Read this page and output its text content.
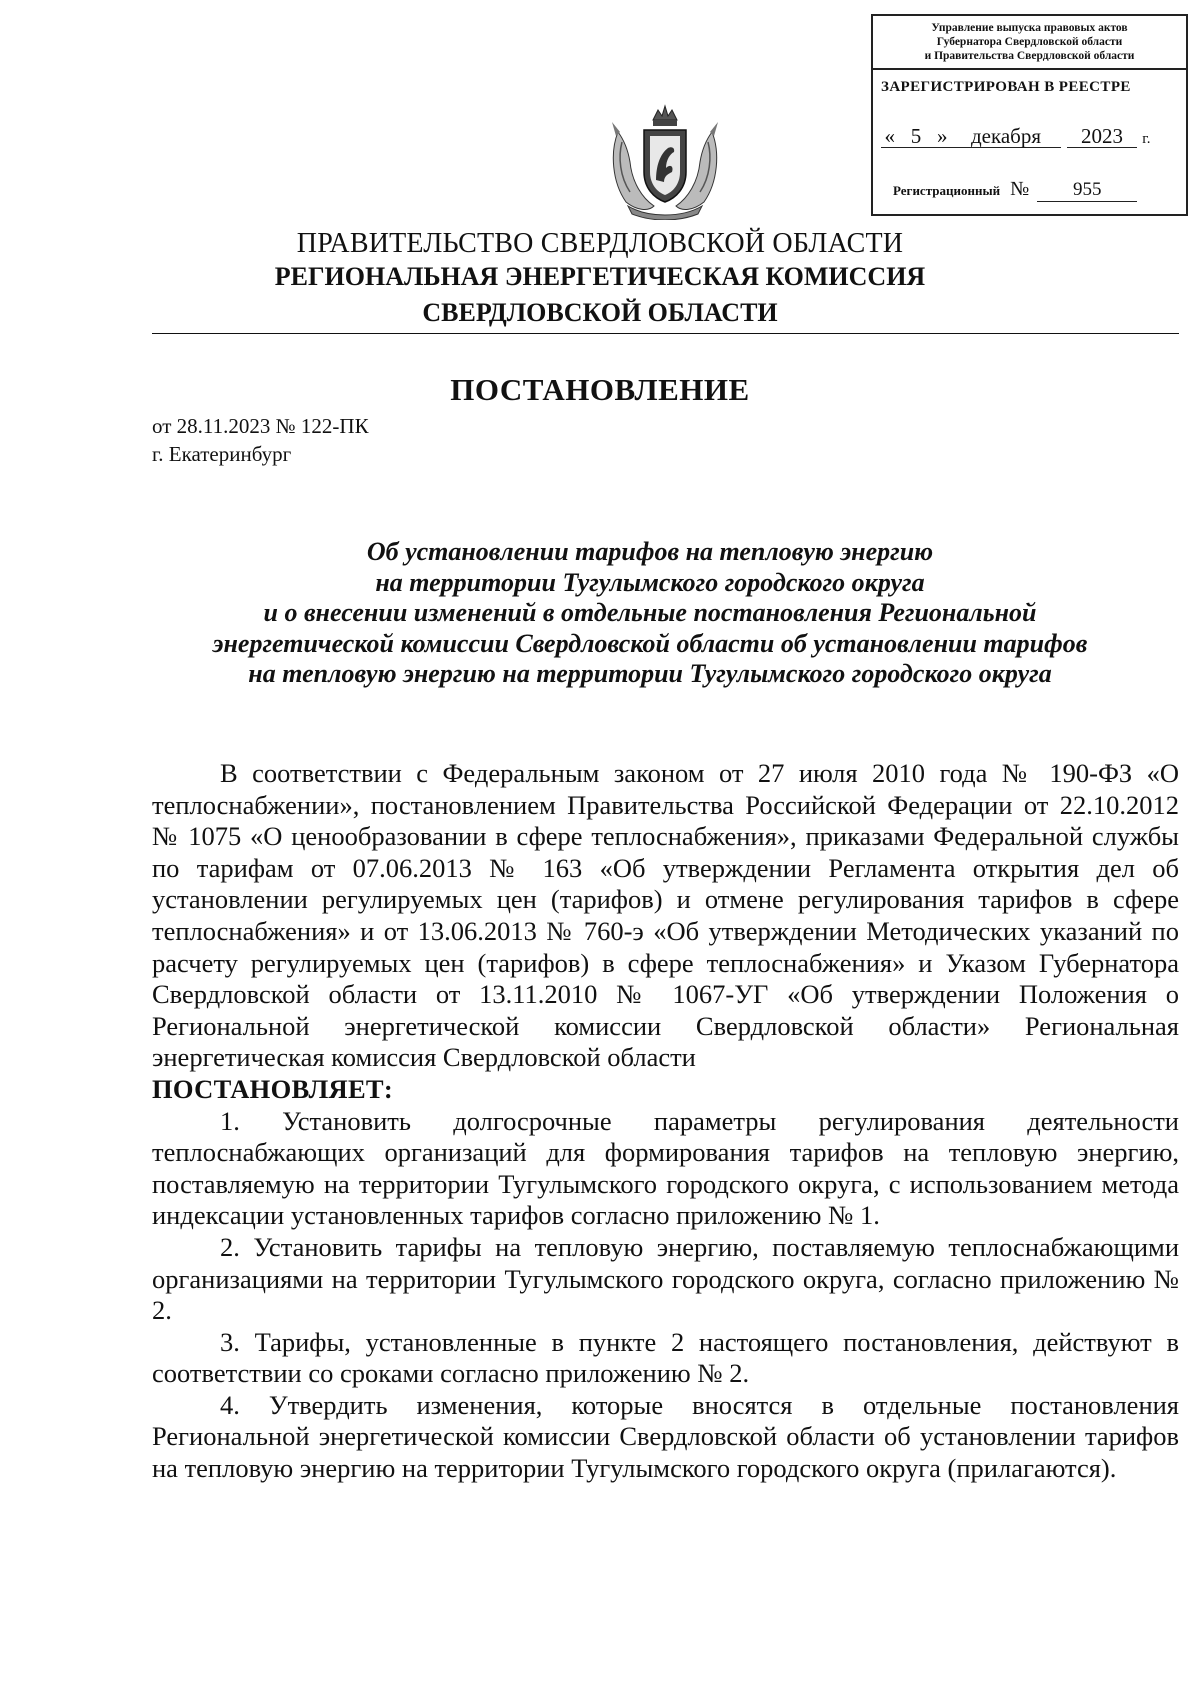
Управление выпуска правовых актов
Губернатора Свердловской области
и Правительства Свердловской области
ЗАРЕГИСТРИРОВАН В РЕЕСТРЕ
« 5 » декабря 2023 г.
Регистрационный № 955
ПРАВИТЕЛЬСТВО СВЕРДЛОВСКОЙ ОБЛАСТИ
РЕГИОНАЛЬНАЯ ЭНЕРГЕТИЧЕСКАЯ КОМИССИЯ
СВЕРДЛОВСКОЙ ОБЛАСТИ
ПОСТАНОВЛЕНИЕ
от 28.11.2023 № 122-ПК
г. Екатеринбург
Об установлении тарифов на тепловую энергию
на территории Тугулымского городского округа
и о внесении изменений в отдельные постановления Региональной
энергетической комиссии Свердловской области об установлении тарифов
на тепловую энергию на территории Тугулымского городского округа

В соответствии с Федеральным законом от 27 июля 2010 года № 190-ФЗ «О теплоснабжении», постановлением Правительства Российской Федерации от 22.10.2012 № 1075 «О ценообразовании в сфере теплоснабжения», приказами Федеральной службы по тарифам от 07.06.2013 № 163 «Об утверждении Регламента открытия дел об установлении регулируемых цен (тарифов) и отмене регулирования тарифов в сфере теплоснабжения» и от 13.06.2013 № 760-э «Об утверждении Методических указаний по расчету регулируемых цен (тарифов) в сфере теплоснабжения» и Указом Губернатора Свердловской области от 13.11.2010 № 1067-УГ «Об утверждении Положения о Региональной энергетической комиссии Свердловской области» Региональная энергетическая комиссия Свердловской области

ПОСТАНОВЛЯЕТ:

1. Установить долгосрочные параметры регулирования деятельности теплоснабжающих организаций для формирования тарифов на тепловую энергию, поставляемую на территории Тугулымского городского округа, с использованием метода индексации установленных тарифов согласно приложению № 1.

2. Установить тарифы на тепловую энергию, поставляемую теплоснабжающими организациями на территории Тугулымского городского округа, согласно приложению № 2.

3. Тарифы, установленные в пункте 2 настоящего постановления, действуют в соответствии со сроками согласно приложению № 2.

4. Утвердить изменения, которые вносятся в отдельные постановления Региональной энергетической комиссии Свердловской области об установлении тарифов на тепловую энергию на территории Тугулымского городского округа (прилагаются).
